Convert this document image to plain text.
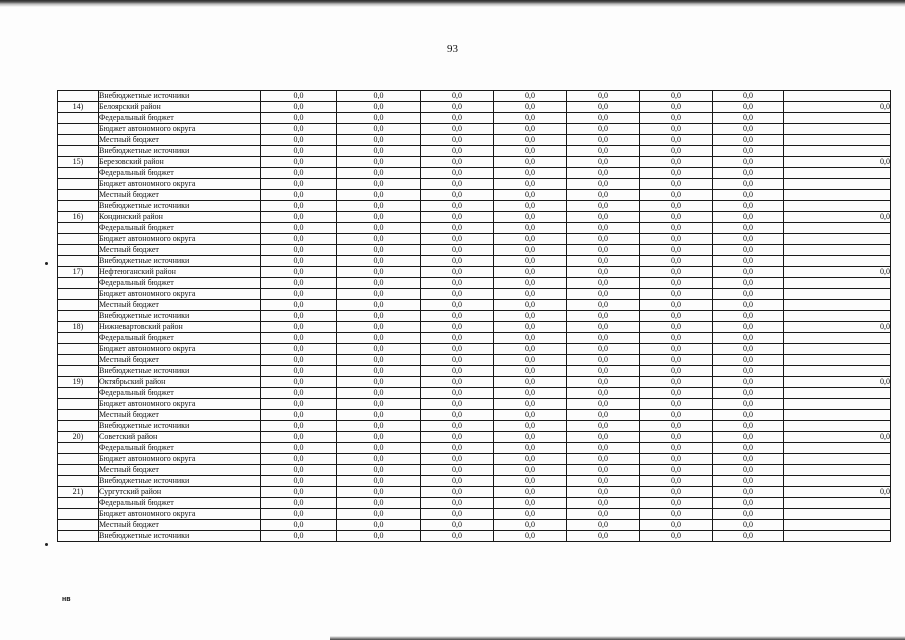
93
	Внебюджетные источники	0,0	0,0	0,0	0,0	0,0	0,0	0,0	
14)	Белоярский район	0,0	0,0	0,0	0,0	0,0	0,0	0,0	0,0
	Федеральный бюджет	0,0	0,0	0,0	0,0	0,0	0,0	0,0	
	Бюджет автономного округа	0,0	0,0	0,0	0,0	0,0	0,0	0,0	
	Местный бюджет	0,0	0,0	0,0	0,0	0,0	0,0	0,0	
	Внебюджетные источники	0,0	0,0	0,0	0,0	0,0	0,0	0,0	
15)	Березовский район	0,0	0,0	0,0	0,0	0,0	0,0	0,0	0,0
	Федеральный бюджет	0,0	0,0	0,0	0,0	0,0	0,0	0,0	
	Бюджет автономного округа	0,0	0,0	0,0	0,0	0,0	0,0	0,0	
	Местный бюджет	0,0	0,0	0,0	0,0	0,0	0,0	0,0	
	Внебюджетные источники	0,0	0,0	0,0	0,0	0,0	0,0	0,0	
16)	Кондинский район	0,0	0,0	0,0	0,0	0,0	0,0	0,0	0,0
	Федеральный бюджет	0,0	0,0	0,0	0,0	0,0	0,0	0,0	
	Бюджет автономного округа	0,0	0,0	0,0	0,0	0,0	0,0	0,0	
	Местный бюджет	0,0	0,0	0,0	0,0	0,0	0,0	0,0	
	Внебюджетные источники	0,0	0,0	0,0	0,0	0,0	0,0	0,0	
17)	Нефтеюганский район	0,0	0,0	0,0	0,0	0,0	0,0	0,0	0,0
	Федеральный бюджет	0,0	0,0	0,0	0,0	0,0	0,0	0,0	
	Бюджет автономного округа	0,0	0,0	0,0	0,0	0,0	0,0	0,0	
	Местный бюджет	0,0	0,0	0,0	0,0	0,0	0,0	0,0	
	Внебюджетные источники	0,0	0,0	0,0	0,0	0,0	0,0	0,0	
18)	Нижневартовский район	0,0	0,0	0,0	0,0	0,0	0,0	0,0	0,0
	Федеральный бюджет	0,0	0,0	0,0	0,0	0,0	0,0	0,0	
	Бюджет автономного округа	0,0	0,0	0,0	0,0	0,0	0,0	0,0	
	Местный бюджет	0,0	0,0	0,0	0,0	0,0	0,0	0,0	
	Внебюджетные источники	0,0	0,0	0,0	0,0	0,0	0,0	0,0	
19)	Октябрьский район	0,0	0,0	0,0	0,0	0,0	0,0	0,0	0,0
	Федеральный бюджет	0,0	0,0	0,0	0,0	0,0	0,0	0,0	
	Бюджет автономного округа	0,0	0,0	0,0	0,0	0,0	0,0	0,0	
	Местный бюджет	0,0	0,0	0,0	0,0	0,0	0,0	0,0	
	Внебюджетные источники	0,0	0,0	0,0	0,0	0,0	0,0	0,0	
20)	Советский район	0,0	0,0	0,0	0,0	0,0	0,0	0,0	0,0
	Федеральный бюджет	0,0	0,0	0,0	0,0	0,0	0,0	0,0	
	Бюджет автономного округа	0,0	0,0	0,0	0,0	0,0	0,0	0,0	
	Местный бюджет	0,0	0,0	0,0	0,0	0,0	0,0	0,0	
	Внебюджетные источники	0,0	0,0	0,0	0,0	0,0	0,0	0,0	
21)	Сургутский район	0,0	0,0	0,0	0,0	0,0	0,0	0,0	0,0
	Федеральный бюджет	0,0	0,0	0,0	0,0	0,0	0,0	0,0	
	Бюджет автономного округа	0,0	0,0	0,0	0,0	0,0	0,0	0,0	
	Местный бюджет	0,0	0,0	0,0	0,0	0,0	0,0	0,0	
	Внебюджетные источники	0,0	0,0	0,0	0,0	0,0	0,0	0,0	
нв
